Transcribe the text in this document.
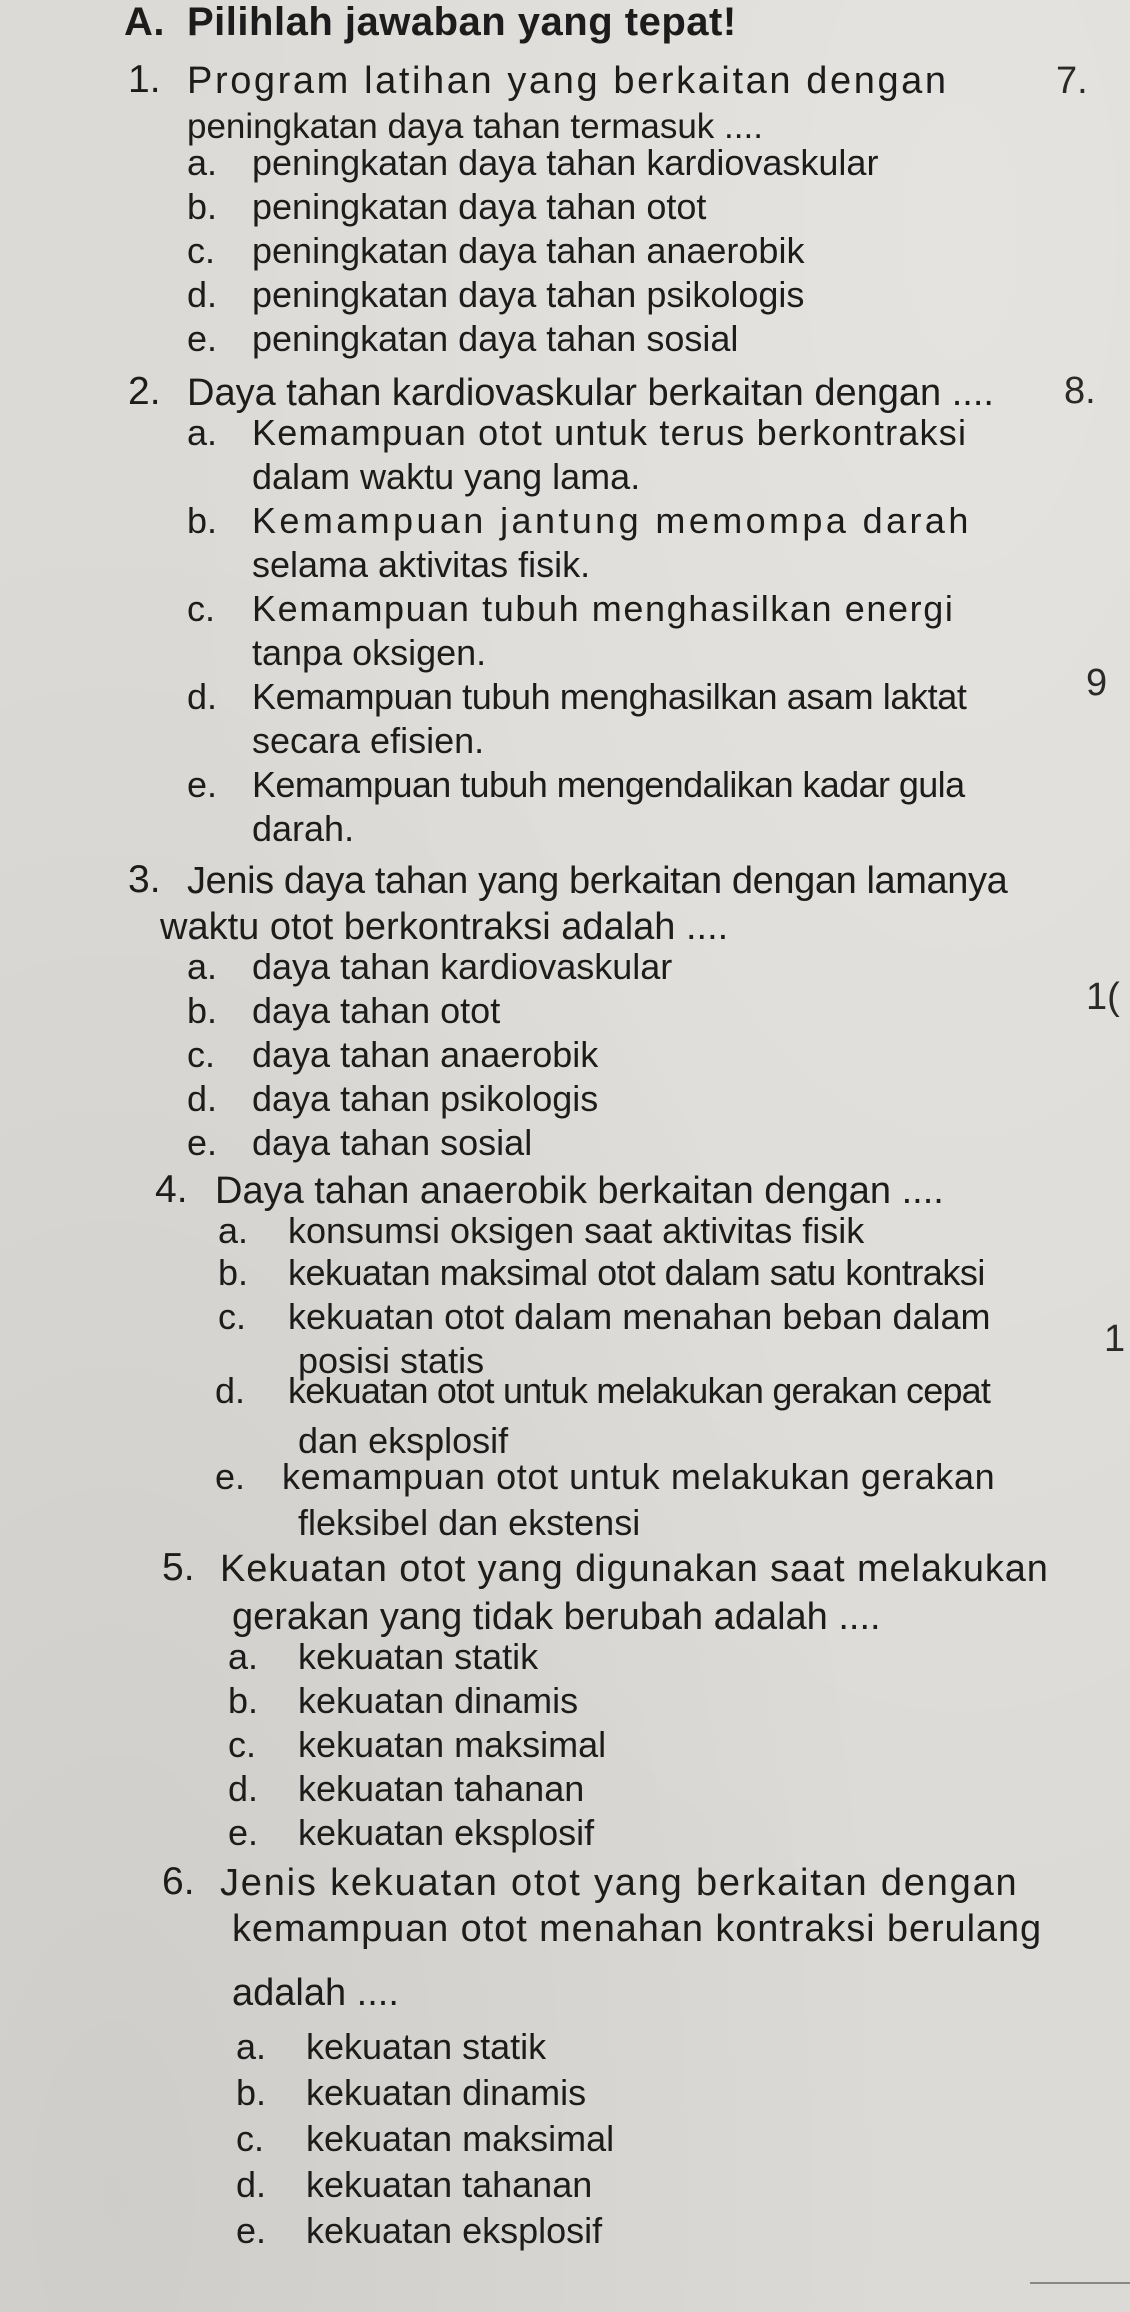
A. Pilihlah jawaban yang tepat!
1. Program latihan yang berkaitan dengan
peningkatan daya tahan termasuk ....
a. peningkatan daya tahan kardiovaskular
b. peningkatan daya tahan otot
c. peningkatan daya tahan anaerobik
d. peningkatan daya tahan psikologis
e. peningkatan daya tahan sosial
2. Daya tahan kardiovaskular berkaitan dengan ....
a. Kemampuan otot untuk terus berkontraksi
dalam waktu yang lama.
b. Kemampuan jantung memompa darah
selama aktivitas fisik.
c. Kemampuan tubuh menghasilkan energi
tanpa oksigen.
d. Kemampuan tubuh menghasilkan asam laktat
secara efisien.
e. Kemampuan tubuh mengendalikan kadar gula
darah.
3. Jenis daya tahan yang berkaitan dengan lamanya
waktu otot berkontraksi adalah ....
a. daya tahan kardiovaskular
b. daya tahan otot
c. daya tahan anaerobik
d. daya tahan psikologis
e. daya tahan sosial
4. Daya tahan anaerobik berkaitan dengan ....
a. konsumsi oksigen saat aktivitas fisik
b. kekuatan maksimal otot dalam satu kontraksi
c. kekuatan otot dalam menahan beban dalam
posisi statis
d. kekuatan otot untuk melakukan gerakan cepat
dan eksplosif
e. kemampuan otot untuk melakukan gerakan
fleksibel dan ekstensi
5. Kekuatan otot yang digunakan saat melakukan
gerakan yang tidak berubah adalah ....
a. kekuatan statik
b. kekuatan dinamis
c. kekuatan maksimal
d. kekuatan tahanan
e. kekuatan eksplosif
6. Jenis kekuatan otot yang berkaitan dengan
kemampuan otot menahan kontraksi berulang
adalah ....
a. kekuatan statik
b. kekuatan dinamis
c. kekuatan maksimal
d. kekuatan tahanan
e. kekuatan eksplosif
7.
8.
9
1(
1
